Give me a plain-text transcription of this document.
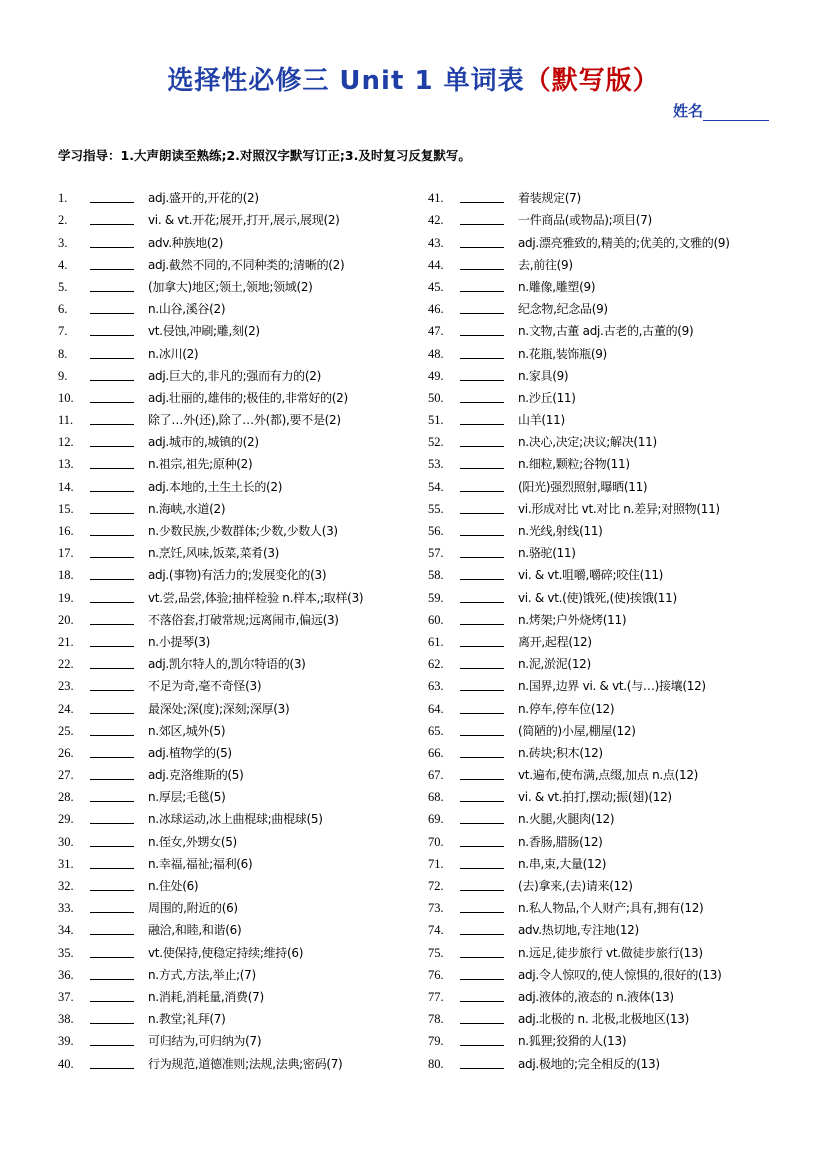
选择性必修三 Unit 1 单词表（默写版）
姓名
学习指导：1.大声朗读至熟练;2.对照汉字默写订正;3.及时复习反复默写。
1.	adj.盛开的,开花的(2)
2.	vi. & vt.开花;展开,打开,展示,展现(2)
3.	adv.种族地(2)
4.	adj.截然不同的,不同种类的;清晰的(2)
5.	(加拿大)地区;领土,领地;领域(2)
6.	n.山谷,溪谷(2)
7.	vt.侵蚀,冲刷;雕,刻(2)
8.	n.冰川(2)
9.	adj.巨大的,非凡的;强而有力的(2)
10.	adj.壮丽的,雄伟的;极佳的,非常好的(2)
11.	除了…外(还),除了…外(都),要不是(2)
12.	adj.城市的,城镇的(2)
13.	n.祖宗,祖先;原种(2)
14.	adj.本地的,土生土长的(2)
15.	n.海峡,水道(2)
16.	n.少数民族,少数群体;少数,少数人(3)
17.	n.烹饪,风味,饭菜,菜肴(3)
18.	adj.(事物)有活力的;发展变化的(3)
19.	vt.尝,品尝,体验;抽样检验 n.样本,;取样(3)
20.	不落俗套,打破常规;远离闹市,偏远(3)
21.	n.小提琴(3)
22.	adj.凯尔特人的,凯尔特语的(3)
23.	不足为奇,毫不奇怪(3)
24.	最深处;深(度);深刻;深厚(3)
25.	n.郊区,城外(5)
26.	adj.植物学的(5)
27.	adj.克洛维斯的(5)
28.	n.厚层;毛毯(5)
29.	n.冰球运动,冰上曲棍球;曲棍球(5)
30.	n.侄女,外甥女(5)
31.	n.幸福,福祉;福利(6)
32.	n.住处(6)
33.	周围的,附近的(6)
34.	融洽,和睦,和谐(6)
35.	vt.使保持,使稳定持续;维持(6)
36.	n.方式,方法,举止;(7)
37.	n.消耗,消耗量,消费(7)
38.	n.教堂;礼拜(7)
39.	可归结为,可归纳为(7)
40.	行为规范,道德准则;法规,法典;密码(7)
41.	着装规定(7)
42.	一件商品(或物品);项目(7)
43.	adj.漂亮雅致的,精美的;优美的,文雅的(9)
44.	去,前往(9)
45.	n.雕像,雕塑(9)
46.	纪念物,纪念品(9)
47.	n.文物,古董 adj.古老的,古董的(9)
48.	n.花瓶,装饰瓶(9)
49.	n.家具(9)
50.	n.沙丘(11)
51.	山羊(11)
52.	n.决心,决定;决议;解决(11)
53.	n.细粒,颗粒;谷物(11)
54.	(阳光)强烈照射,曝晒(11)
55.	vi.形成对比 vt.对比 n.差异;对照物(11)
56.	n.光线,射线(11)
57.	n.骆驼(11)
58.	vi. & vt.咀嚼,嚼碎;咬住(11)
59.	vi. & vt.(使)饿死,(使)挨饿(11)
60.	n.烤架;户外烧烤(11)
61.	离开,起程(12)
62.	n.泥,淤泥(12)
63.	n.国界,边界 vi. & vt.(与…)接壤(12)
64.	n.停车,停车位(12)
65.	(简陋的)小屋,棚屋(12)
66.	n.砖块;积木(12)
67.	vt.遍布,使布满,点缀,加点 n.点(12)
68.	vi. & vt.拍打,摆动;振(翅)(12)
69.	n.火腿,火腿肉(12)
70.	n.香肠,腊肠(12)
71.	n.串,束,大量(12)
72.	(去)拿来,(去)请来(12)
73.	n.私人物品,个人财产;具有,拥有(12)
74.	adv.热切地,专注地(12)
75.	n.远足,徒步旅行 vt.做徒步旅行(13)
76.	adj.令人惊叹的,使人惊惧的,很好的(13)
77.	adj.液体的,液态的 n.液体(13)
78.	adj.北极的 n. 北极,北极地区(13)
79.	n.狐狸;狡猾的人(13)
80.	adj.极地的;完全相反的(13)
